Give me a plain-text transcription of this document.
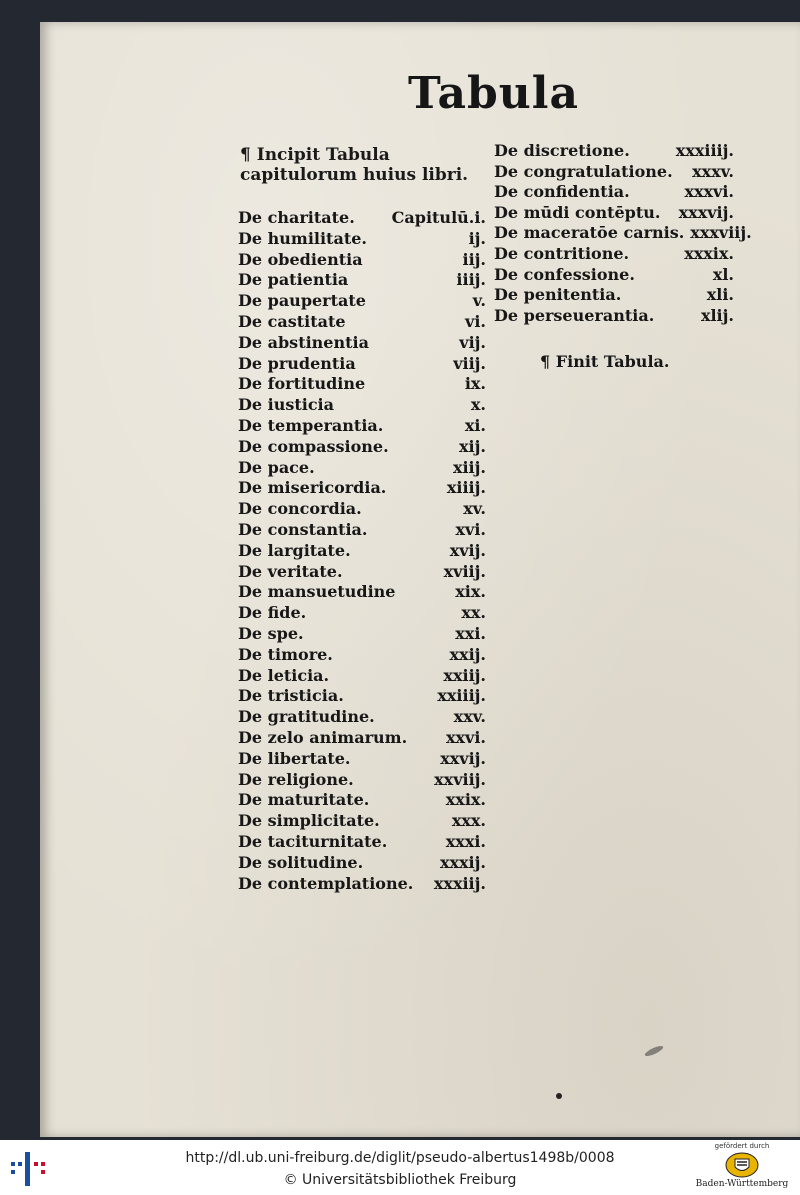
Tabula
¶ Incipit Tabula capitulorum huius libri.
De charitate.	Capitulū.i.
De humilitate.	ij.
De obedientia	iij.
De patientia	iiij.
De paupertate	v.
De castitate	vi.
De abstinentia	vij.
De prudentia	viij.
De fortitudine	ix.
De iusticia	x.
De temperantia.	xi.
De compassione.	xij.
De pace.	xiij.
De misericordia.	xiiij.
De concordia.	xv.
De constantia.	xvi.
De largitate.	xvij.
De veritate.	xviij.
De mansuetudine	xix.
De fide.	xx.
De spe.	xxi.
De timore.	xxij.
De leticia.	xxiij.
De tristicia.	xxiiij.
De gratitudine.	xxv.
De zelo animarum.	xxvi.
De libertate.	xxvij.
De religione.	xxviij.
De maturitate.	xxix.
De simplicitate.	xxx.
De taciturnitate.	xxxi.
De solitudine.	xxxij.
De contemplatione.	xxxiij.
De discretione.	xxxiiij.
De congratulatione.	xxxv.
De confidentia.	xxxvi.
De mūdi contēptu.	xxxvij.
De maceratōe carnis. xxxviij.
De contritione.	xxxix.
De confessione.	xl.
De penitentia.	xli.
De perseuerantia.	xlij.
¶ Finit Tabula.
http://dl.ub.uni-freiburg.de/diglit/pseudo-albertus1498b/0008
© Universitätsbibliothek Freiburg
gefördert durch
Baden-Württemberg
